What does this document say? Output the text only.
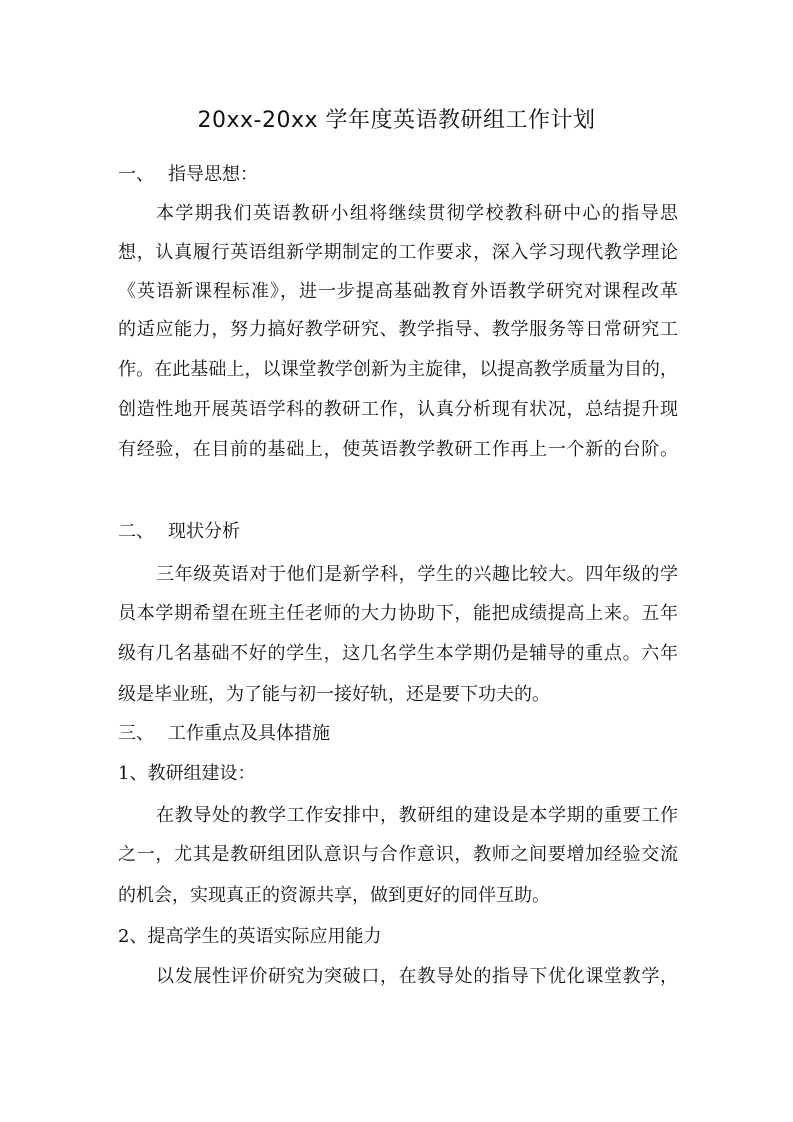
20xx-20xx 学年度英语教研组工作计划
一、 指导思想：
本学期我们英语教研小组将继续贯彻学校教科研中心的指导思
想，认真履行英语组新学期制定的工作要求，深入学习现代教学理论
《英语新课程标准》，进一步提高基础教育外语教学研究对课程改革
的适应能力，努力搞好教学研究、教学指导、教学服务等日常研究工
作。在此基础上，以课堂教学创新为主旋律，以提高教学质量为目的，
创造性地开展英语学科的教研工作，认真分析现有状况，总结提升现
有经验，在目前的基础上，使英语教学教研工作再上一个新的台阶。
二、 现状分析
三年级英语对于他们是新学科，学生的兴趣比较大。四年级的学
员本学期希望在班主任老师的大力协助下，能把成绩提高上来。五年
级有几名基础不好的学生，这几名学生本学期仍是辅导的重点。六年
级是毕业班，为了能与初一接好轨，还是要下功夫的。
三、 工作重点及具体措施
1、教研组建设：
在教导处的教学工作安排中，教研组的建设是本学期的重要工作
之一，尤其是教研组团队意识与合作意识，教师之间要增加经验交流
的机会，实现真正的资源共享，做到更好的同伴互助。
2、提高学生的英语实际应用能力
以发展性评价研究为突破口，在教导处的指导下优化课堂教学，
